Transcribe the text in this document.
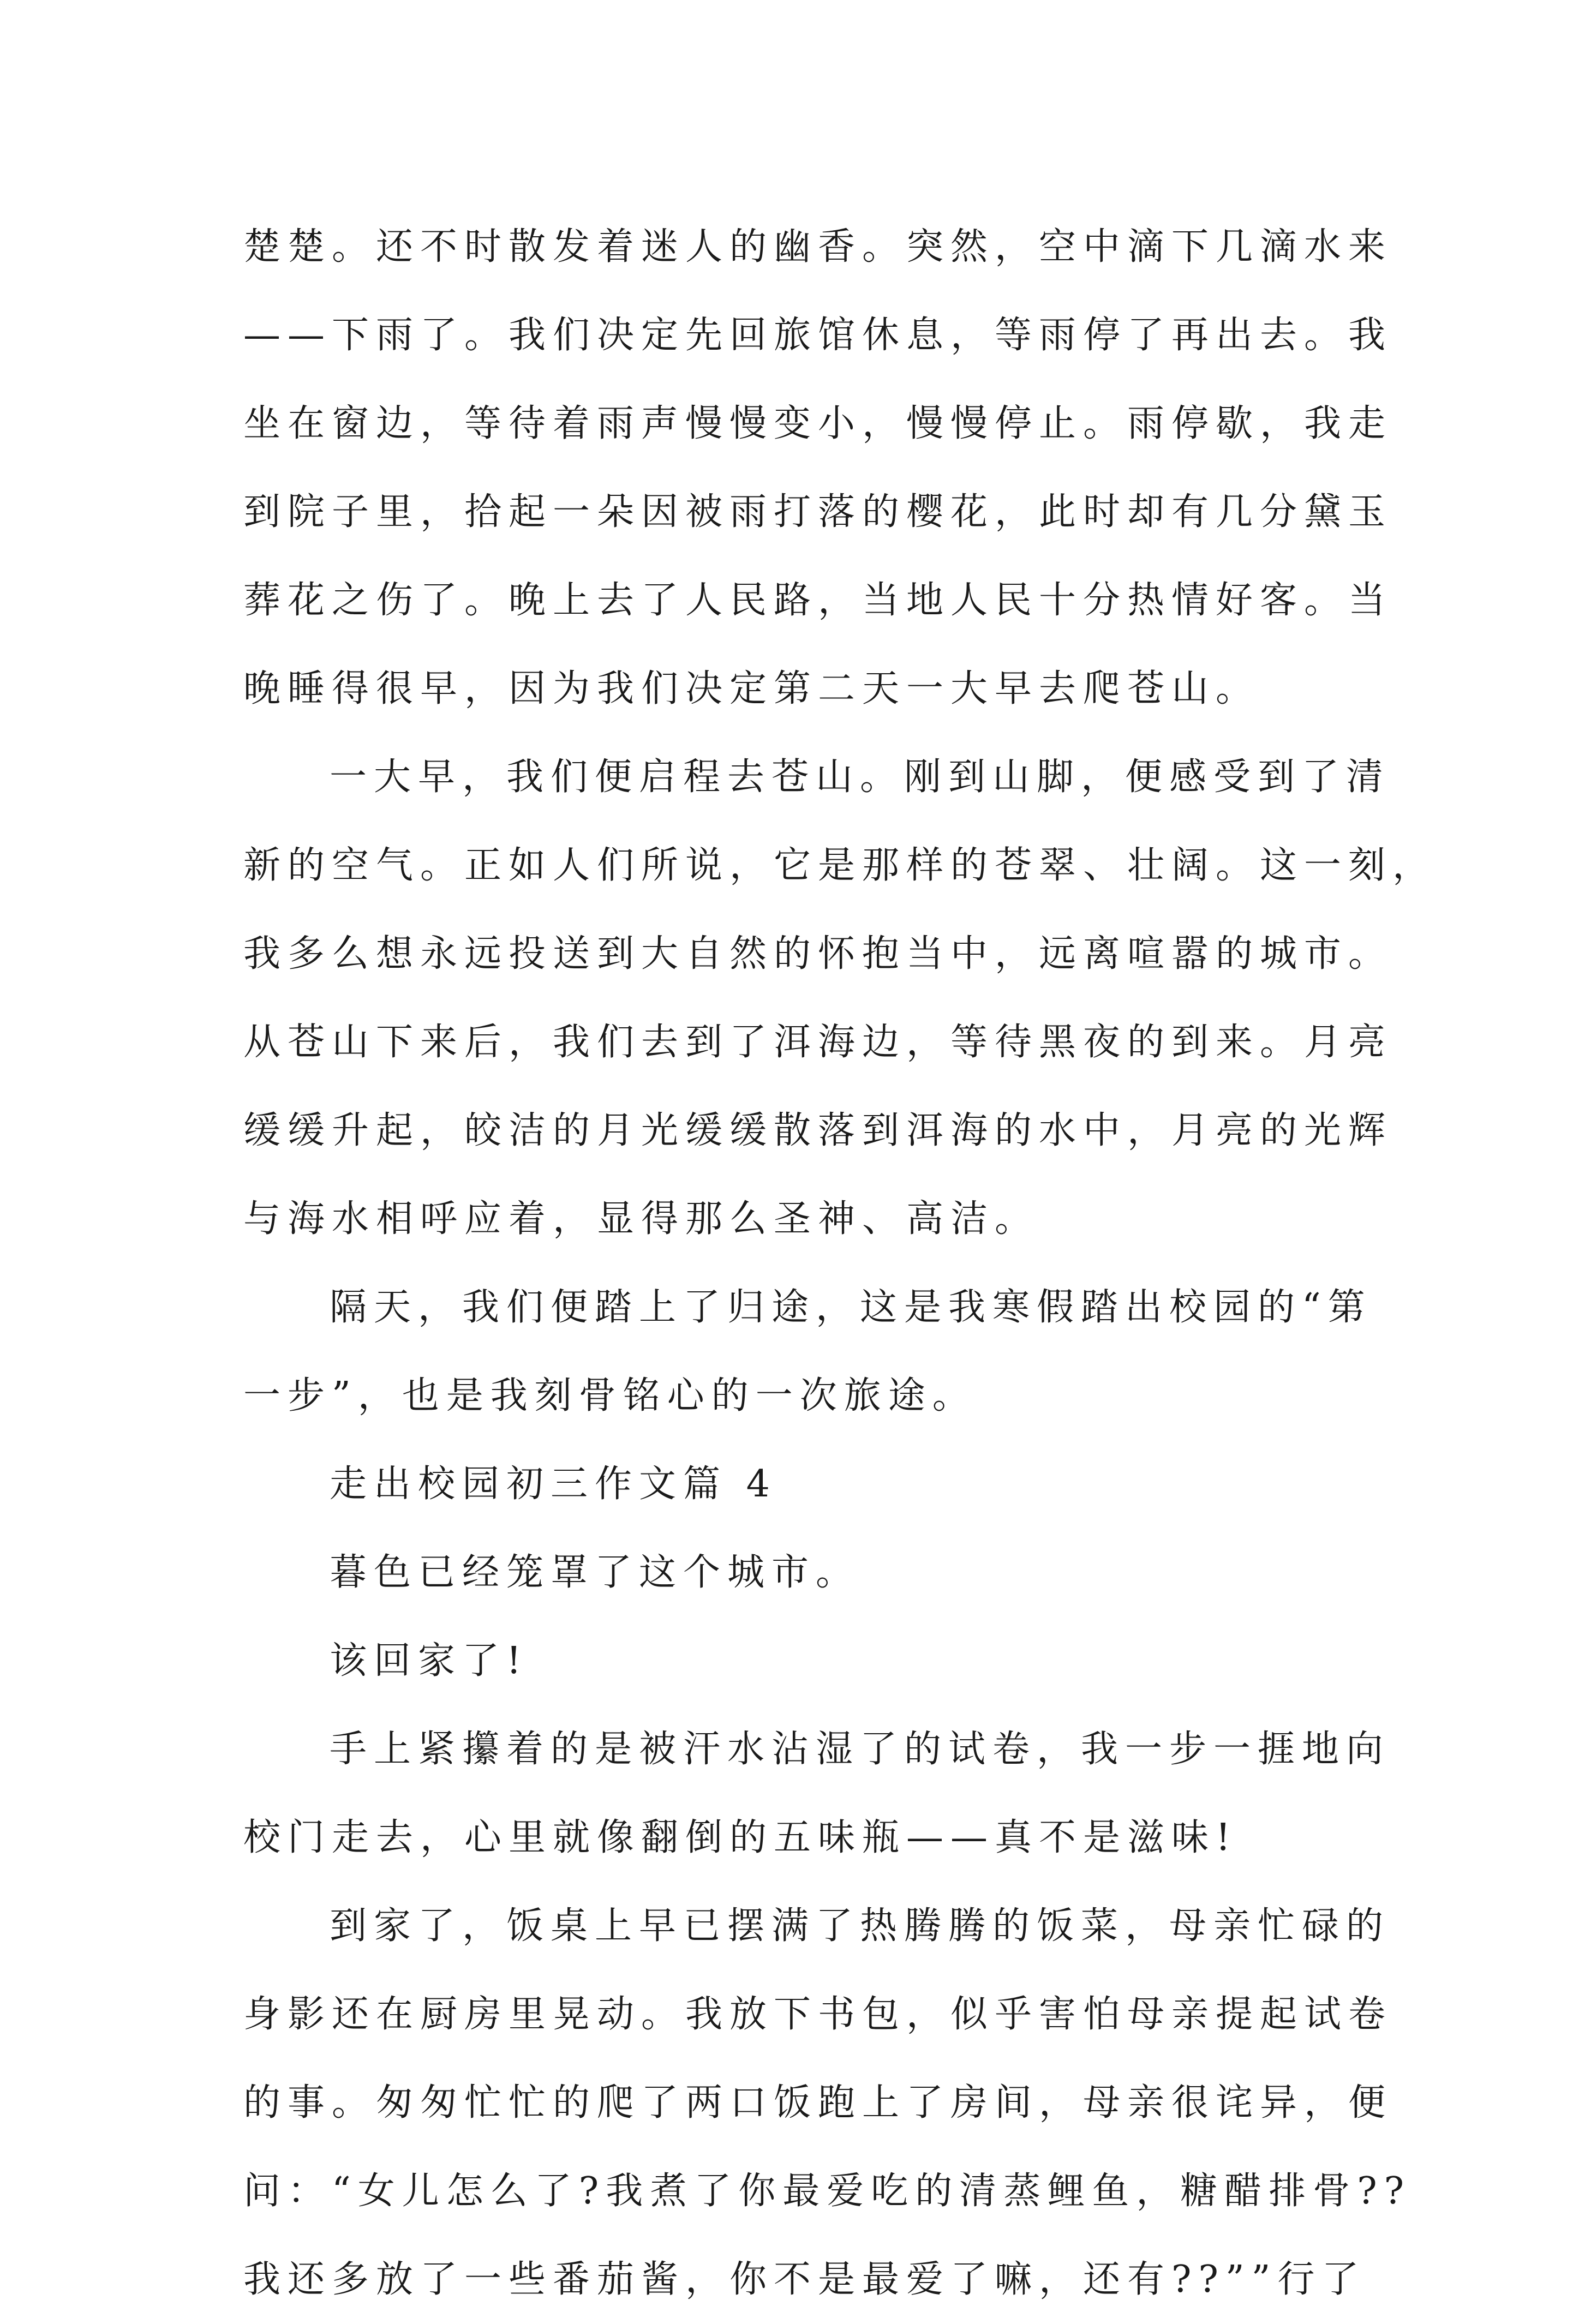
楚楚。还不时散发着迷人的幽香。突然，空中滴下几滴水来
——下雨了。我们决定先回旅馆休息，等雨停了再出去。我
坐在窗边，等待着雨声慢慢变小，慢慢停止。雨停歇，我走
到院子里，拾起一朵因被雨打落的樱花，此时却有几分黛玉
葬花之伤了。晚上去了人民路，当地人民十分热情好客。当
晚睡得很早，因为我们决定第二天一大早去爬苍山。
一大早，我们便启程去苍山。刚到山脚，便感受到了清
新的空气。正如人们所说，它是那样的苍翠、壮阔。这一刻，
我多么想永远投送到大自然的怀抱当中，远离喧嚣的城市。
从苍山下来后，我们去到了洱海边，等待黑夜的到来。月亮
缓缓升起，皎洁的月光缓缓散落到洱海的水中，月亮的光辉
与海水相呼应着，显得那么圣神、高洁。
隔天，我们便踏上了归途，这是我寒假踏出校园的“第
一步”，也是我刻骨铭心的一次旅途。
走出校园初三作文篇 4
暮色已经笼罩了这个城市。
该回家了!
手上紧攥着的是被汗水沾湿了的试卷，我一步一捱地向
校门走去，心里就像翻倒的五味瓶——真不是滋味!
到家了，饭桌上早已摆满了热腾腾的饭菜，母亲忙碌的
身影还在厨房里晃动。我放下书包，似乎害怕母亲提起试卷
的事。匆匆忙忙的爬了两口饭跑上了房间，母亲很诧异，便
问：“女儿怎么了?我煮了你最爱吃的清蒸鲤鱼，糖醋排骨??
我还多放了一些番茄酱，你不是最爱了嘛，还有??””行了
